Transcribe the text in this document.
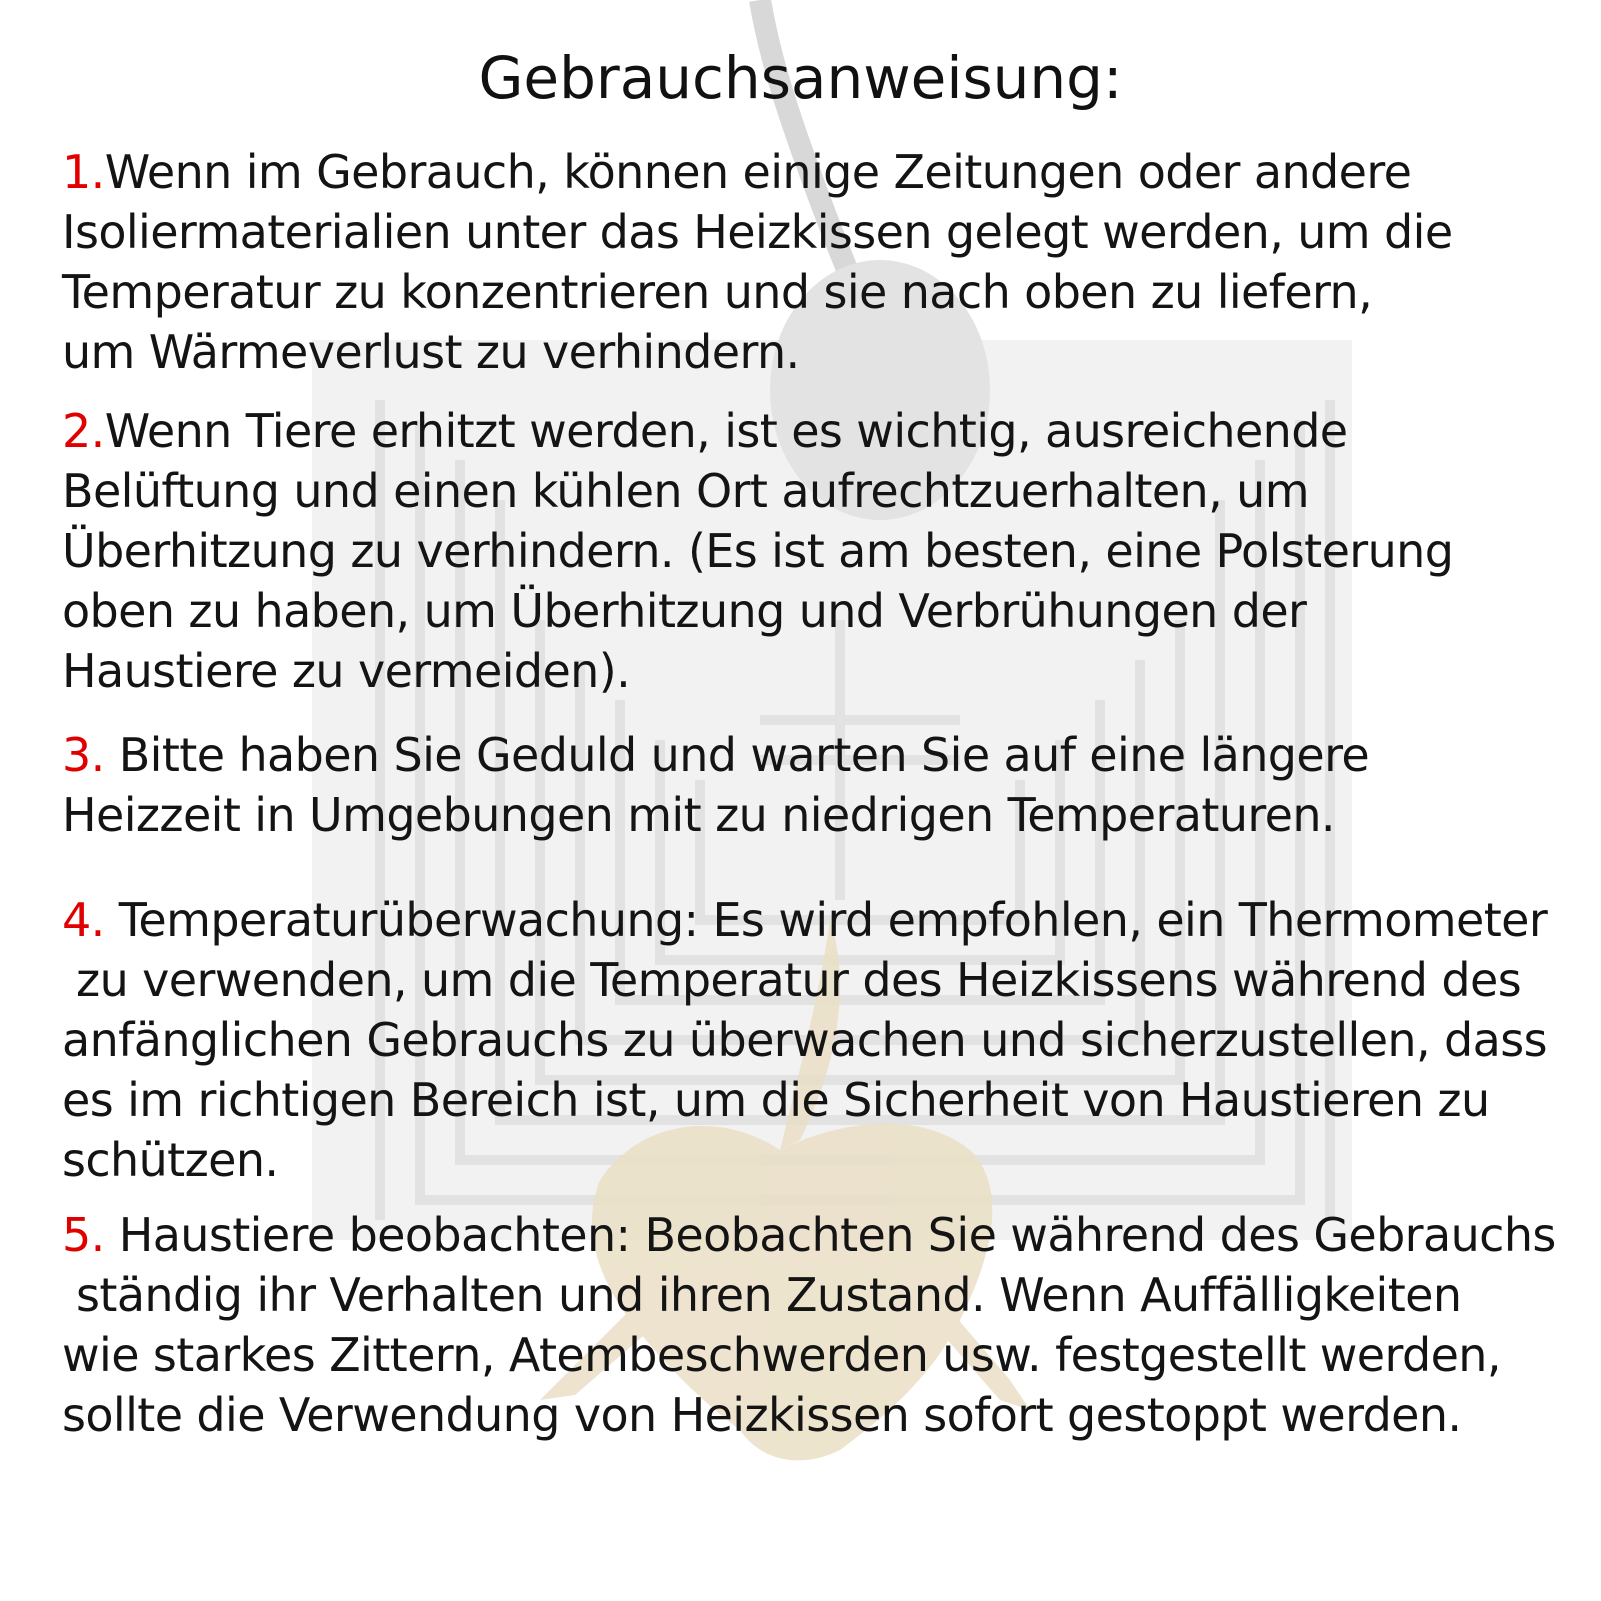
Gebrauchsanweisung:
1.Wenn im Gebrauch, können einige Zeitungen oder andere
Isoliermaterialien unter das Heizkissen gelegt werden, um die
Temperatur zu konzentrieren und sie nach oben zu liefern,
um Wärmeverlust zu verhindern.
2.Wenn Tiere erhitzt werden, ist es wichtig, ausreichende
Belüftung und einen kühlen Ort aufrechtzuerhalten, um
Überhitzung zu verhindern. (Es ist am besten, eine Polsterung
oben zu haben, um Überhitzung und Verbrühungen der
Haustiere zu vermeiden).
3. Bitte haben Sie Geduld und warten Sie auf eine längere
Heizzeit in Umgebungen mit zu niedrigen Temperaturen.
4. Temperaturüberwachung: Es wird empfohlen, ein Thermometer
zu verwenden, um die Temperatur des Heizkissens während des
anfänglichen Gebrauchs zu überwachen und sicherzustellen, dass
es im richtigen Bereich ist, um die Sicherheit von Haustieren zu
schützen.
5. Haustiere beobachten: Beobachten Sie während des Gebrauchs
ständig ihr Verhalten und ihren Zustand. Wenn Auffälligkeiten
wie starkes Zittern, Atembeschwerden usw. festgestellt werden,
sollte die Verwendung von Heizkissen sofort gestoppt werden.
